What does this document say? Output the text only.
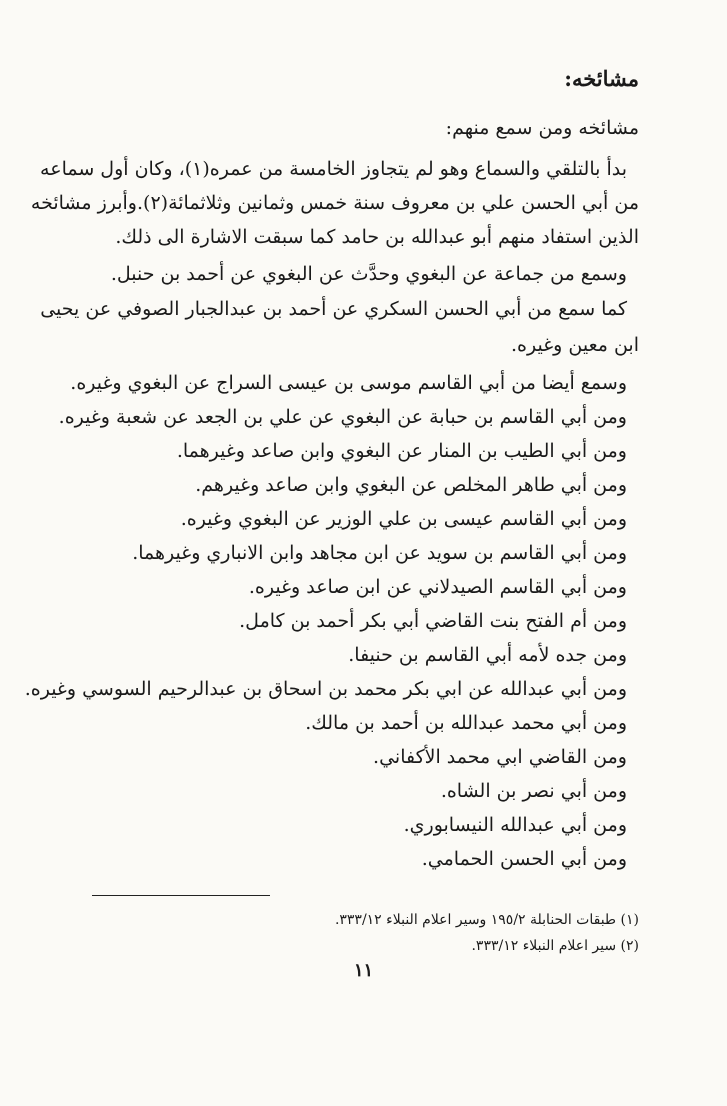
مشائخه:
مشائخه ومن سمع منهم:
بدأ بالتلقي والسماع وهو لم يتجاوز الخامسة من عمره(١)، وكان أول سماعه
من أبي الحسن علي بن معروف سنة خمس وثمانين وثلاثمائة(٢).وأبرز مشائخه
الذين استفاد منهم أبو عبدالله بن حامد كما سبقت الاشارة الى ذلك.
وسمع من جماعة عن البغوي وحدَّث عن البغوي عن أحمد بن حنبل.
كما سمع من أبي الحسن السكري عن أحمد بن عبدالجبار الصوفي عن يحيى
ابن معين وغيره.
وسمع أيضا من أبي القاسم موسى بن عيسى السراج عن البغوي وغيره.
ومن أبي القاسم بن حبابة عن البغوي عن علي بن الجعد عن شعبة وغيره.
ومن أبي الطيب بن المنار عن البغوي وابن صاعد وغيرهما.
ومن أبي طاهر المخلص عن البغوي وابن صاعد وغيرهم.
ومن أبي القاسم عيسى بن علي الوزير عن البغوي وغيره.
ومن أبي القاسم بن سويد عن ابن مجاهد وابن الانباري وغيرهما.
ومن أبي القاسم الصيدلاني عن ابن صاعد وغيره.
ومن أم الفتح بنت القاضي أبي بكر أحمد بن كامل.
ومن جده لأمه أبي القاسم بن حنيفا.
ومن أبي عبدالله عن ابي بكر محمد بن اسحاق بن عبدالرحيم السوسي وغيره.
ومن أبي محمد عبدالله بن أحمد بن مالك.
ومن القاضي ابي محمد الأكفاني.
ومن أبي نصر بن الشاه.
ومن أبي عبدالله النيسابوري.
ومن أبي الحسن الحمامي.
(١) طبقات الحنابلة ١٩٥/٢ وسير اعلام النبلاء ٣٣٣/١٢.
(٢) سير اعلام النبلاء ٣٣٣/١٢.
١١
